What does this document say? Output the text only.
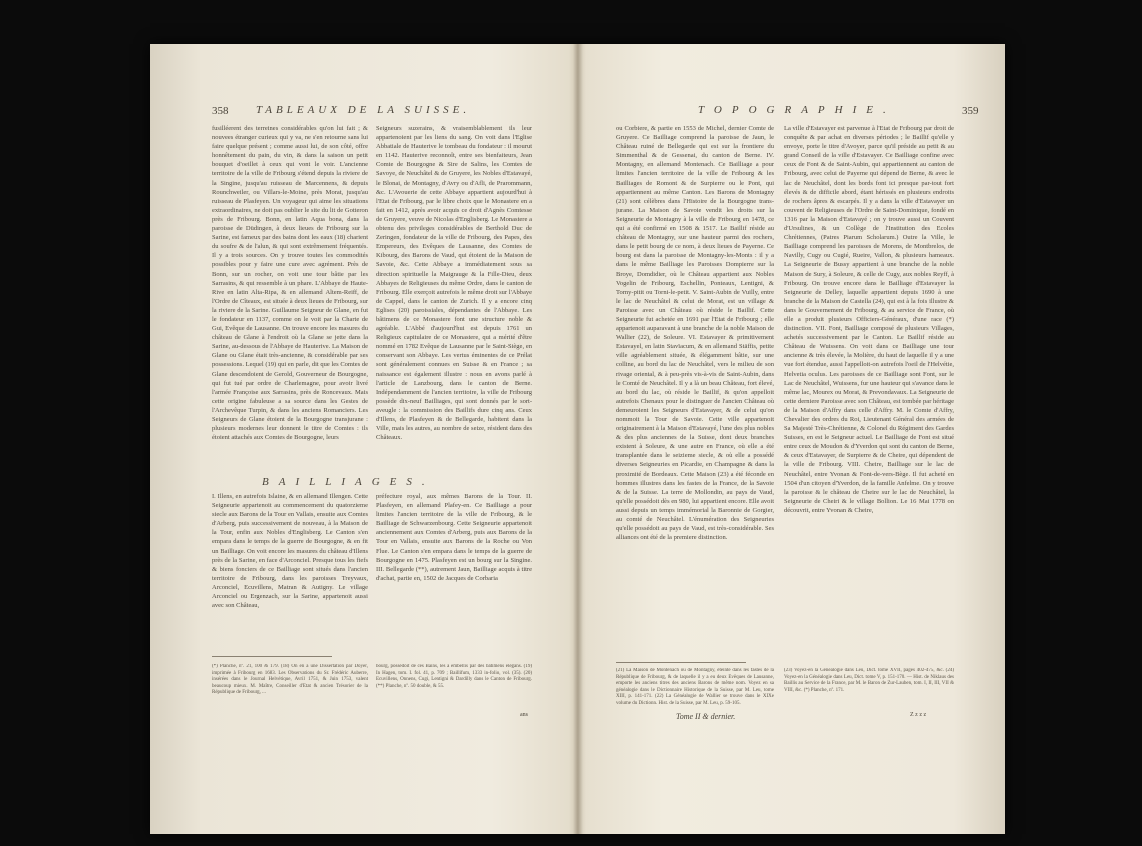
358	TABLEAUX DE LA SUISSE.
fusilléerent des terreines considérables qu'on lui fait ; & nouvees étranger curieux qui y va, ne s'en retourne sans lui faire quelque présent ; comme aussi lui, de son côté, offre honnêtement du pain, du vin, & dans la saison un petit bouquet d'oeillet à ceux qui vont le voir. L'ancienne territoire de la ville de Fribourg s'étend depuis la riviere de la Singine, jusqu'au ruisseau de Marcennens, & depuis Rounchweiler, ou Villars-le-Moine, près Morat, jusqu'au ruisseau de Plasfeyen. Un voyageur qui aime les situations extraordinaires, ne doit pas oublier le site du lit de Gotteron près de Fribourg. Bonn, en latin Aqua bona, dans la paroisse de Düdingen, à deux lieues de Fribourg sur la Sarine, est fameux par des bains dont les eaux (18) charient du soufre & de l'alun, & qui sont extrêmement fréquentés. Il y a trois sources. On y trouve toutes les commodités possibles pour y faire une cure avec agrément. Près de Bonn, sur un rocher, on voit une tour bâtie par les Sarrasins, & qui ressemble à un phare. L'Abbaye de Haute-Rive en latin Alta-Ripa, & en allemand Altem-Reiff, de l'Ordre de Cîteaux, est située à deux lieues de Fribourg, sur la riviere de la Sarine. Guillaume Seigneur de Glane, en fut le fondateur en 1137, comme on le voit par la Charte de Gui, Evêque de Lausanne. On trouve encore les masures du château de Glane à l'endroit où la Glane se jette dans la Sarine, au-dessous de l'Abbaye de Hauterive. La Maison de Glane ou Glane était très-ancienne, & considérable par ses possessions. Lequel (19) qui en parle, dit que les Comtes de Glane descendoient de Gerold, Gouverneur de Bourgogne, qui fut tué par ordre de Charlemagne, pour avoir livré l'armée Françoise aux Sarrasins, près de Roncevaux. Mais cette origine fabuleuse a sa source dans les Gestes de l'Archevêque Turpin, & dans les anciens Romanciers. Les Seigneurs de Glane étoient de la Bourgogne transjurane : plusieurs modernes leur donnent le titre de Comtes : ils étoient attachés aux Comtes de Bourgogne, leurs
Seigneurs suzerains, & vraisemblablement ils leur appartenoient par les liens du sang. On voit dans l'Eglise Abbatiale de Hauterive le tombeau du fondateur : il mourut en 1142. Hauterive reconnoît, entre ses bienfaiteurs, Jean Comte de Bourgogne & Sire de Salins, les Comtes de Savoye, de Neuchâtel & de Gruyere, les Nobles d'Estavayé, le Blonai, de Montagny, d'Avry ou d'Afli, de Prarommann, &c. L'Avouerie de cette Abbaye appartient aujourd'hui à l'Etat de Fribourg, par le libre choix que le Monastere en a fait en 1412, après avoir acquis ce droit d'Agnès Comtesse de Gruyere, veuve de Nicolas d'Englisberg. Le Monastere a obtenu des privileges considérables de Berthold Duc de Zeringen, fondateur de la ville de Fribourg, des Papes, des Empereurs, des Evêques de Lausanne, des Comtes de Kibourg, des Barons de Vaud, qui étoient de la Maison de Savoie, &c. Cette Abbaye a immédiatement sous sa direction spirituelle la Maigrauge & la Fille-Dieu, deux Abbayes de Religieuses du même Ordre, dans le canton de Fribourg. Elle exerçoit autrefois le même droit sur l'Abbaye de Cappel, dans le canton de Zurich. Il y a encore cinq Eglises (20) paroissiales, dépendantes de l'Abbaye. Les bâtimens de ce Monastere font une structure noble & agréable. L'Abbé d'aujourd'hui est depuis 1761 un Religieux capitulaire de ce Monastere, qui a mérité d'être nommé en 1782 Evêque de Lausanne par le Saint-Siège, en conservant son Abbaye. Les vertus éminentes de ce Prélat sont généralement connues en Suisse & en France ; sa naissance est également illustre : nous en avons parlé à l'article de Lanzbourg, dans le canton de Berne. Indépendamment de l'ancien territoire, la ville de Fribourg possède dix-neuf Bailliages, qui sont donnés par le sort-aveugle : la commission des Baillifs dure cinq ans. Ceux d'Illens, de Plasfeyen & de Bellegarde, habitent dans la Ville, mais les autres, au nombre de seize, résident dans des Châteaux.
BAILLIAGES.
I. Illens, en autrefois Islaine, & en allemand Illengen. Cette Seigneurie appartenoit au commencement du quatorzieme siecle aux Barons de la Tour en Vallais, ensuite aux Comtes d'Arberg, puis successivement de nouveau, à la Maison de la Tour, enfin aux Nobles d'Englisberg. Le Canton s'en empara dans le temps de la guerre de Bourgogne, & en fit un Bailliage. On voit encore les masures du château d'Illens près de la Sarine, en face d'Arconciel. Presque tous les fiefs & biens fonciers de ce Bailliage sont situés dans l'ancien territoire de Fribourg, dans les paroisses Treyvaux, Arconciel, Ecuvillens, Matran & Autigny. Le village Arconciel ou Ergenzach, sur la Sarine, appartenoit aussi avec son Château,
préfecture royal, aux mêmes Barons de la Tour. II. Plasfeyen, en allemand Plafey-en. Ce Bailliage a pour limites l'ancien territoire de la ville de Fribourg, & le Bailliage de Schwarzenbourg. Cette Seigneurie appartenoit anciennement aux Comtes d'Arberg, puis aux Barons de la Tour en Vallais, ensuite aux Barons de la Roche ou Von Flue. Le Canton s'en empara dans le temps de la guerre de Bourgogne en 1475. Plasfeyen est un bourg sur la Singine. III. Bellegarde (**), autrement Jaun, Bailliage acquis à titre d'achat, partie en, 1502 de Jacques de Corbaria
(*) Planche, nº. 21, 100 & 179. (18) On en a une Dissertation par Doyer, imprimée à Fribourg en 1683. Les Observations du Sr. Frédéric Auberre, insérées dans le Journal Helvétique, Avril 1751, & Juin 1753, valent beaucoup mieux. M. Maître, Conseiller d'Etat & ancien Trésorier de la République de Fribourg, ...
bourg, possédoit de ces Bains, les a embellis par des bâtimens élégans. (19) In Hagen, tom. I. fol. 41, p. 709 ; Baillifum, 1333 in-folio, vol. (35). (20) Ecuvillens, Onnens, Cugi, Lentigni & Dardilly dans le Canton de Fribourg. (**) Planche, nº. 50 double, & 55.
ans
TOPOGRAPHIE.	359
ou Corbiere, & partie en 1553 de Michel, dernier Comte de Gruyere. Ce Bailliage comprend la paroisse de Jaun, le Château ruiné de Bellegarde qui est sur la frontiere du Simmenthal & de Gessenai, du canton de Berne. IV. Montagny, en allemand Montenach. Ce Bailliage a pour limites l'ancien territoire de la ville de Fribourg & les Bailliages de Romont & de Surpierre ou le Pont, qui appartiennent au même Canton. Les Barons de Montagny (21) sont célèbres dans l'Histoire de la Bourgogne trans-jurane. La Maison de Savoie vendit les droits sur la Seigneurie de Montagny à la ville de Fribourg en 1478, ce qui a été confirmé en 1508 & 1517. Le Baillif réside au château de Montagny, sur une hauteur parmi des rochers, dans le petit bourg de ce nom, à deux lieues de Payerne. Ce bourg est dans la paroisse de Montagny-les-Monts : il y a dans le même Bailliage les Paroisses Dompierre sur la Broye, Domdidier, où le Château appartient aux Nobles Vogelin de Fribourg, Eschellin, Ponteaux, Lentigni, & Torny-pitit ou Torni-le-petit. V. Saint-Aubin de Vuilly, entre le lac de Neuchâtel & celui de Morat, est un village & Paroisse avec un Château où réside le Baillif. Cette Seigneurie fut achetée en 1691 par l'Etat de Fribourg ; elle appartenoit auparavant à une branche de la noble Maison de Wallier (22), de Soleure. VI. Estavayer & primitivement Estavayel, en latin Stavïacum, & en allemand Stäffis, petite ville agréablement située, & élégamment bâtie, sur une colline, au bord du lac de Neuchâtel, vers le milieu de son rivage oriental, & à peu-près vis-à-vis de Saint-Aubin, dans le Comté de Neuchâtel. Il y a là un beau Château, fort élevé, au bord du lac, où réside le Baillif, & qu'on appelloit autrefois Chenaux pour le distinguer de l'ancien Château où demeuroient les Seigneurs d'Estavayer, & de celui qu'on nommoit la Tour de Savoie. Cette ville appartenoit originairement à la Maison d'Estavayé, l'une des plus nobles & des plus anciennes de la Suisse, dont deux branches existent à Soleure, & une autre en France, où elle a été transplantée dans le seizieme siecle, & où elle a possédé diverses Seigneuries en Picardie, en Champagne & dans la proximité de Bordeaux. Cette Maison (23) a été féconde en hommes illustres dans les fastes de la France, de la Savoie & de la Suisse. La terre de Mollondin, au pays de Vaud, qu'elle possédoit dès en 980, lui appartient encore. Elle avoit aussi depuis un temps immémorial la Baronnie de Gorgier, au comté de Neuchâtel. L'énumération des Seigneuries qu'elle possédoit au pays de Vaud, est très-considérable. Ses alliances ont été de la premiere distinction.
La ville d'Estavayer est parvenue à l'Etat de Fribourg par droit de conquête & par achat en diverses périodes ; le Baillif qu'elle y envoye, porte le titre d'Avoyer, parce qu'il préside au petit & au grand Conseil de la ville d'Estavayer. Ce Bailliage confine avec ceux de Font & de Saint-Aubin, qui appartiennent au canton de Fribourg, avec celui de Payerne qui dépend de Berne, & avec le lac de Neuchâtel, dont les bords font ici presque par-tout fort élevés & de difficile abord, étant hérissés en plusieurs endroits de rochers âpres & escarpés. Il y a dans la ville d'Estavayer un couvent de Religieuses de l'Ordre de Saint-Dominique, fondé en 1316 par la Maison d'Estavayé ; on y trouve aussi un Couvent d'Ursulines, & un Collège de l'Institution des Ecoles Chrétiennes, (Patres Piarum Scholarum.) Outre la Ville, le Bailliage comprend les paroisses de Morens, de Montbrelos, de Navilly, Cugy ou Cugié, Rueire, Vallon, & plusieurs hameaux. La Seigneurie de Bussy appartient à une branche de la noble Maison de Sury, à Soleure, & celle de Cugy, aux nobles Reyff, à Fribourg. On trouve encore dans le Bailliage d'Estavayer la Seigneurie de Delley, laquelle appartient depuis 1690 à une branche de la Maison de Castella (24), qui est à la fois illustre & dans le Gouvernement de Fribourg, & au service de France, où elle a produit plusieurs Officiers-Généraux, d'une race (*) distinction. VII. Font, Bailliage composé de plusieurs Villages, achetés successivement par le Canton. Le Baillif réside au Château de Wuissens. On voit dans ce Bailliage une tour ancienne & très élevée, la Molière, du haut de laquelle il y a une vue fort étendue, aussi l'appelloit-on autrefois l'oeil de l'Helvétie, Helvetia oculus. Les paroisses de ce Bailliage sont Font, sur le Lac de Neuchâtel, Wuissens, fur une hauteur qui s'avance dans le même lac, Mourex ou Morat, & Prevondavaux. La Seigneurie de cette derniere Paroisse avec son Château, est tombée par héritage de la Maison d'Affry dans celle d'Affry. M. le Comte d'Affry, Chevalier des ordres du Roi, Lieutenant Général des armées de Sa Majesté Très-Chrétienne, & Colonel du Régiment des Gardes Suisses, en est le Seigneur actuel. Le Bailliage de Font est situé entre ceux de Moudon & d'Yverdon qui sont du canton de Berne, & ceux d'Estavayer, de Surpierre & de Cheire, qui dépendent de la ville de Fribourg. VIII. Cheire, Bailliage sur le lac de Neuchâtel, entre Yvonan & Font-de-vers-Bège. Il fut acheté en 1504 d'un citoyen d'Yverdon, de la famille Anfelme. On y trouve la paroisse & le château de Cheire sur le lac de Neuchâtel, la Seigneurie de Cheiri & le village Bollion. Le 16 Mai 1778 on découvrit, entre Yvonan & Cheire,
(21) La Maison de Montenach ou de Montagny, éteinte dans les fastes de la République de Fribourg, & de laquelle il y a eu deux Evêques de Lausanne, emporte les anciens titres des anciens Barons de même nom. Voyez en sa généalogie dans le Dictionnaire Historique de la Suisse, par M. Leu, tome XIII, p. 141-171. (22) La Généalogie de Wallier se trouve dans le XIXe volume du Dictionn. Hist. de la Suisse, par M. Leu, p. 59-105.
(23) Voyez-en la Généalogie dans Leu, Dict. tome XVII, pages 402-475, &c. (24) Voyez-en la Généalogie dans Leu, Dict. tome V, p. 151-170. — Hist. de Niklaus des Baillis au Service de la France, par M. le Baron de Zur-Lauben, tom. I, II, III, VII & VIII, &c. (*) Planche, nº. 171.
Tome II & dernier.	Z z z z
